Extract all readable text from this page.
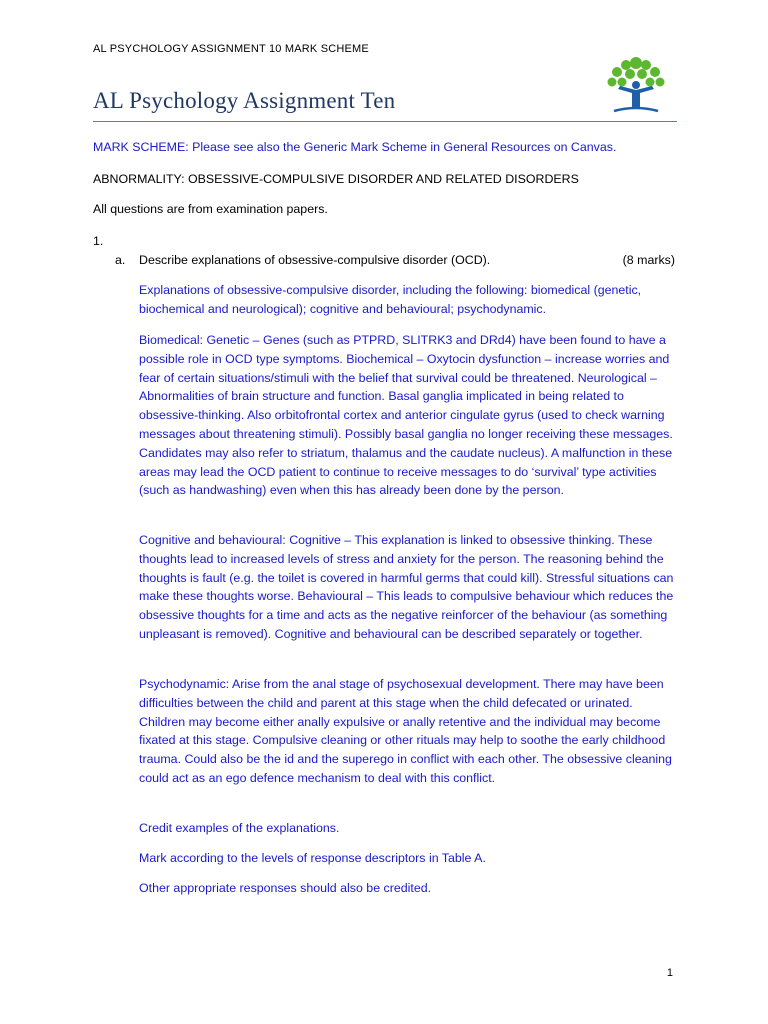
AL PSYCHOLOGY ASSIGNMENT 10 MARK SCHEME
AL Psychology Assignment Ten
MARK SCHEME: Please see also the Generic Mark Scheme in General Resources on Canvas.
ABNORMALITY: OBSESSIVE-COMPULSIVE DISORDER AND RELATED DISORDERS
All questions are from examination papers.
1.
a. Describe explanations of obsessive-compulsive disorder (OCD).	(8 marks)
Explanations of obsessive-compulsive disorder, including the following: biomedical (genetic, biochemical and neurological); cognitive and behavioural; psychodynamic.
Biomedical: Genetic – Genes (such as PTPRD, SLITRK3 and DRd4) have been found to have a possible role in OCD type symptoms. Biochemical – Oxytocin dysfunction – increase worries and fear of certain situations/stimuli with the belief that survival could be threatened. Neurological – Abnormalities of brain structure and function. Basal ganglia implicated in being related to obsessive-thinking. Also orbitofrontal cortex and anterior cingulate gyrus (used to check warning messages about threatening stimuli). Possibly basal ganglia no longer receiving these messages. Candidates may also refer to striatum, thalamus and the caudate nucleus). A malfunction in these areas may lead the OCD patient to continue to receive messages to do ‘survival’ type activities (such as handwashing) even when this has already been done by the person.
Cognitive and behavioural: Cognitive – This explanation is linked to obsessive thinking. These thoughts lead to increased levels of stress and anxiety for the person. The reasoning behind the thoughts is fault (e.g. the toilet is covered in harmful germs that could kill). Stressful situations can make these thoughts worse. Behavioural – This leads to compulsive behaviour which reduces the obsessive thoughts for a time and acts as the negative reinforcer of the behaviour (as something unpleasant is removed). Cognitive and behavioural can be described separately or together.
Psychodynamic: Arise from the anal stage of psychosexual development. There may have been difficulties between the child and parent at this stage when the child defecated or urinated. Children may become either anally expulsive or anally retentive and the individual may become fixated at this stage. Compulsive cleaning or other rituals may help to soothe the early childhood trauma. Could also be the id and the superego in conflict with each other. The obsessive cleaning could act as an ego defence mechanism to deal with this conflict.
Credit examples of the explanations.
Mark according to the levels of response descriptors in Table A.
Other appropriate responses should also be credited.
1
